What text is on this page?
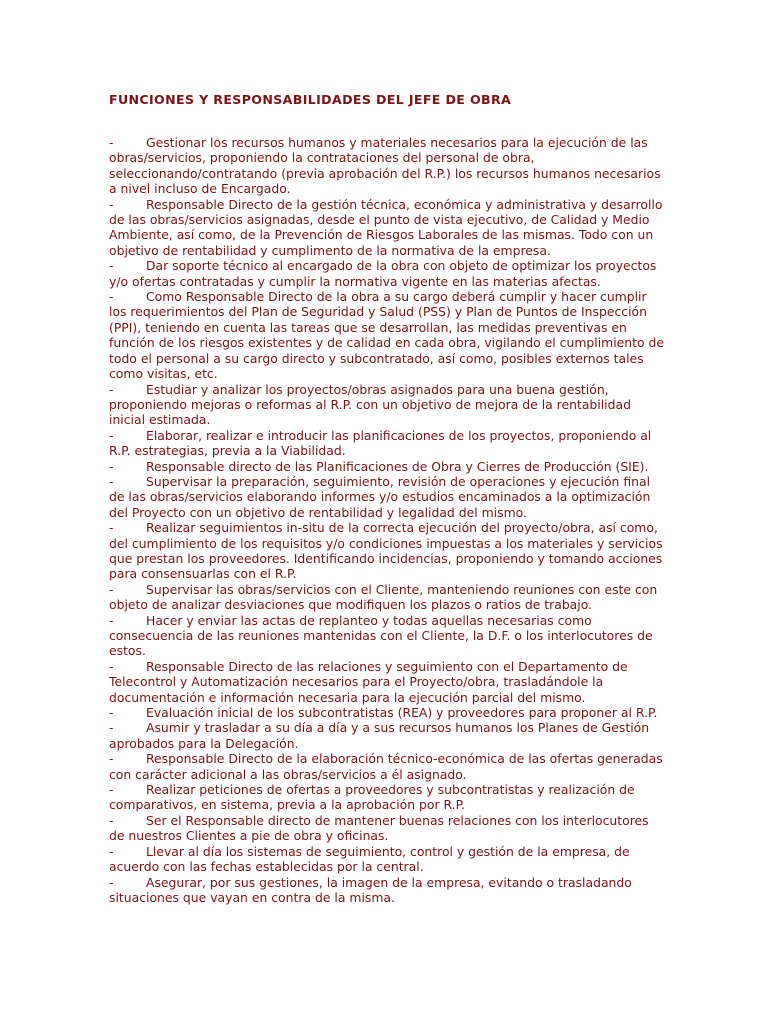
FUNCIONES Y RESPONSABILIDADES DEL JEFE DE OBRA
-	Gestionar los recursos humanos y materiales necesarios para la ejecución de las obras/servicios, proponiendo la contrataciones del personal de obra, seleccionando/contratando (previa aprobación del R.P.) los recursos humanos necesarios a nivel incluso de Encargado.
-	Responsable Directo de la gestión técnica, económica y administrativa y desarrollo de las obras/servicios asignadas, desde el punto de vista ejecutivo, de Calidad y Medio Ambiente, así como, de la Prevención de Riesgos Laborales de las mismas. Todo con un objetivo de rentabilidad y cumplimento de la normativa de la empresa.
-	Dar soporte técnico al encargado de la obra con objeto de optimizar los proyectos y/o ofertas contratadas y cumplir la normativa vigente en las materias afectas.
-	Como Responsable Directo de la obra a su cargo deberá cumplir y hacer cumplir los requerimientos del Plan de Seguridad y Salud (PSS) y Plan de Puntos de Inspección (PPI), teniendo en cuenta las tareas que se desarrollan, las medidas preventivas en función de los riesgos existentes y de calidad en cada obra, vigilando el cumplimiento de todo el personal a su cargo directo y subcontratado, así como, posibles externos tales como visitas, etc.
-	Estudiar y analizar los proyectos/obras asignados para una buena gestión, proponiendo mejoras o reformas al R.P. con un objetivo de mejora de la rentabilidad inicial estimada.
-	Elaborar, realizar e introducir las planificaciones de los proyectos, proponiendo al R.P. estrategias, previa a la Viabilidad.
-	Responsable directo de las Planificaciones de Obra y Cierres de Producción (SIE).
-	Supervisar la preparación, seguimiento, revisión de operaciones y ejecución final de las obras/servicios elaborando informes y/o estudios encaminados a la optimización del Proyecto con un objetivo de rentabilidad y legalidad del mismo.
-	Realizar seguimientos in-situ de la correcta ejecución del proyecto/obra, así como, del cumplimiento de los requisitos y/o condiciones impuestas a los materiales y servicios que prestan los proveedores. Identificando incidencias, proponiendo y tomando acciones para consensuarlas con el R.P.
-	Supervisar las obras/servicios con el Cliente, manteniendo reuniones con este con objeto de analizar desviaciones que modifiquen los plazos o ratios de trabajo.
-	Hacer y enviar las actas de replanteo y todas aquellas necesarias como consecuencia de las reuniones mantenidas con el Cliente, la D.F. o los interlocutores de estos.
-	Responsable Directo de las relaciones y seguimiento con el Departamento de Telecontrol y Automatización necesarios para el Proyecto/obra, trasladándole la documentación e información necesaria para la ejecución parcial del mismo.
-	Evaluación inicial de los subcontratistas (REA) y proveedores para proponer al R.P.
-	Asumir y trasladar a su día a día y a sus recursos humanos los Planes de Gestión aprobados para la Delegación.
-	Responsable Directo de la elaboración técnico-económica de las ofertas generadas con carácter adicional a las obras/servicios a él asignado.
-	Realizar peticiones de ofertas a proveedores y subcontratistas y realización de comparativos, en sistema, previa a la aprobación por R.P.
-	Ser el Responsable directo de mantener buenas relaciones con los interlocutores de nuestros Clientes a pie de obra y oficinas.
-	Llevar al día los sistemas de seguimiento, control y gestión de la empresa, de acuerdo con las fechas establecidas por la central.
-	Asegurar, por sus gestiones, la imagen de la empresa, evitando o trasladando situaciones que vayan en contra de la misma.
